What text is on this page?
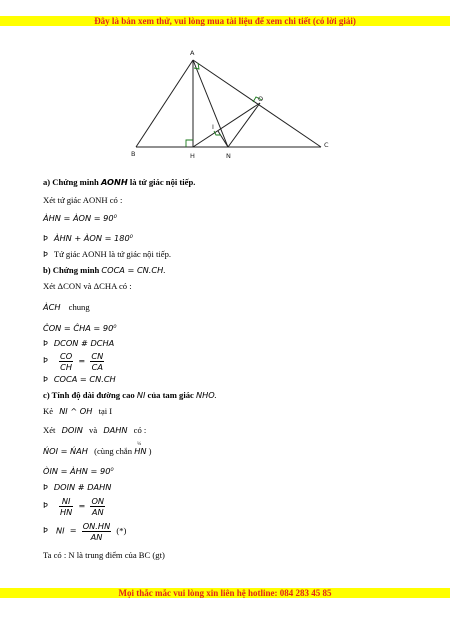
Đây là bản xem thử, vui lòng mua tài liệu để xem chi tiết (có lời giải)
A
B
C
H	N
O
I
a) Chứng minh AONH là tứ giác nội tiếp.
Xét tứ giác AONH có :
ÀHN = ÀON = 90⁰
Þ ÀHN + ÀON = 180⁰
Þ Tứ giác AONH là tứ giác nội tiếp.
b) Chứng minh COCA = CN.CH.
Xét ΔCON và ΔCHA có :
ÀCH chung
ĈON = ĈHA = 90⁰
Þ DCON # DCHA
Þ $\frac{CO}{CH} = \frac{CN}{CA}$
Þ COCA = CN.CH
c) Tính độ dài đường cao NI của tam giác NHO.
Kẻ NI ^ OH tại I
Xét DOIN và DAHN có :
ŃOI = ŃAH (cùng chắn
¼
HN )
ÒIN = ÀHN = 90⁰
Þ DOIN # DAHN
Þ $\frac{NI}{HN} = \frac{ON}{AN}$
Þ NI = $\frac{ON.HN}{AN}$ (*)
Ta có : N là trung điểm của BC (gt)
Mọi thắc mắc vui lòng xin liên hệ hotline: 084 283 45 85
